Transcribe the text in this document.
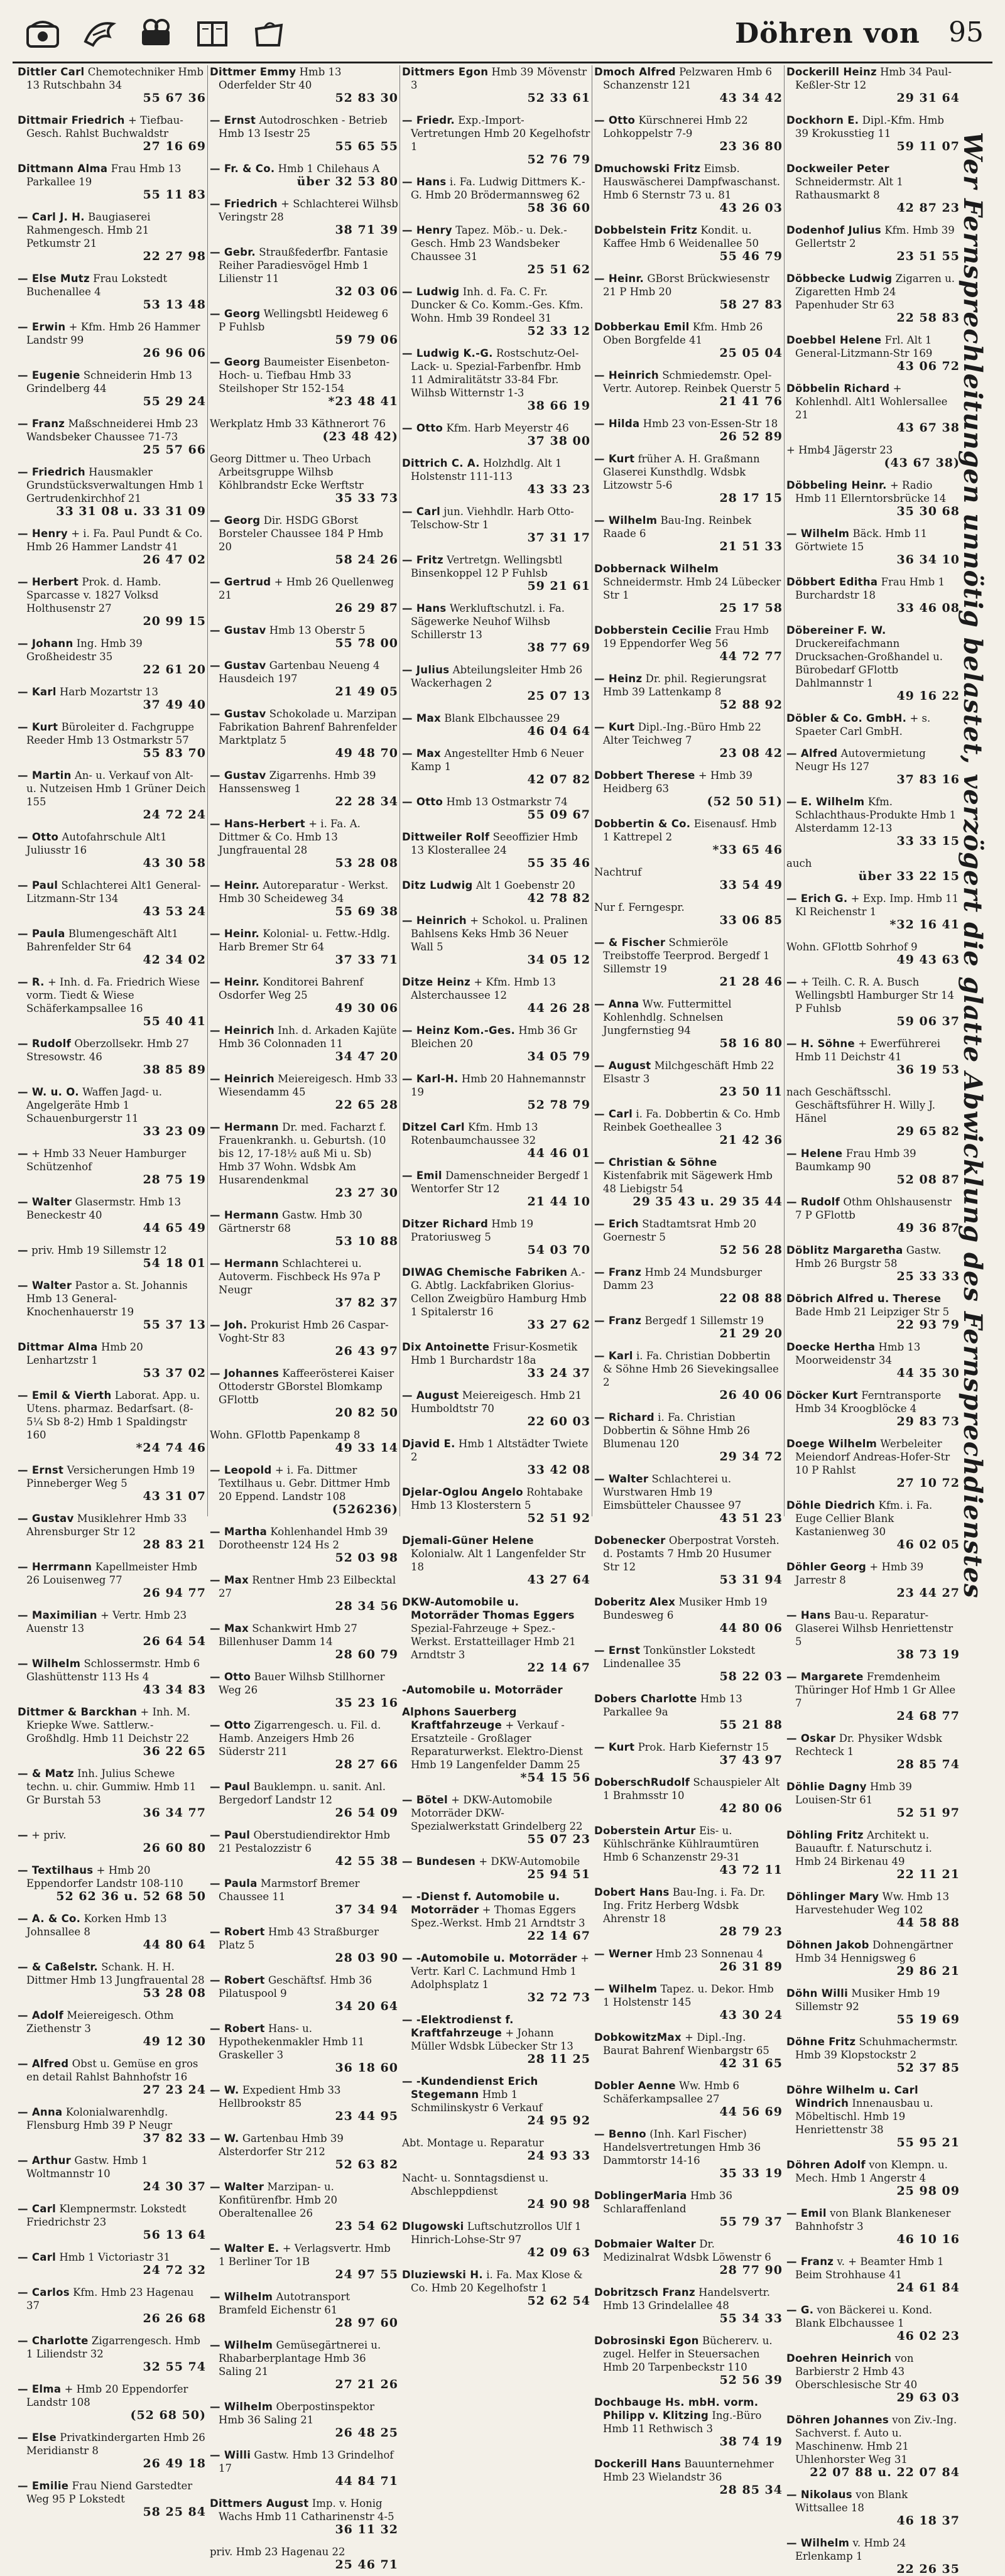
Döhren von 95
Dittler Carl Chemotechniker Hmb 13 Rutschbahn 34
55 67 36
Dittmair Friedrich + Tiefbau-Gesch. Rahlst Buchwaldstr
27 16 69
Dittmann Alma Frau Hmb 13 Parkallee 19
55 11 83
— Carl J. H. Baugiaserei Rahmengesch. Hmb 21 Petkumstr 21
22 27 98
— Else Mutz Frau Lokstedt Buchenallee 4
53 13 48
— Erwin + Kfm. Hmb 26 Hammer Landstr 99
26 96 06
— Eugenie Schneiderin Hmb 13 Grindelberg 44
55 29 24
— Franz Maßschneiderei Hmb 23 Wandsbeker Chaussee 71-73
25 57 66
— Friedrich Hausmakler Grundstücksverwaltungen Hmb 1 Gertrudenkirchhof 21
33 31 08 u. 33 31 09
— Henry + i. Fa. Paul Pundt & Co. Hmb 26 Hammer Landstr 41
26 47 02
— Herbert Prok. d. Hamb. Sparcasse v. 1827 Volksd Holthusenstr 27
20 99 15
— Johann Ing. Hmb 39 Großheidestr 35
22 61 20
— Karl Harb Mozartstr 13
37 49 40
— Kurt Büroleiter d. Fachgruppe Reeder Hmb 13 Ostmarkstr 57
55 83 70
— Martin An- u. Verkauf von Alt- u. Nutzeisen Hmb 1 Grüner Deich 155
24 72 24
— Otto Autofahrschule Alt1 Juliusstr 16
43 30 58
— Paul Schlachterei Alt1 General-Litzmann-Str 134
43 53 24
— Paula Blumengeschäft Alt1 Bahrenfelder Str 64
42 34 02
— R. + Inh. d. Fa. Friedrich Wiese vorm. Tiedt & Wiese Schäferkampsallee 16
55 40 41
— Rudolf Oberzollsekr. Hmb 27 Stresowstr. 46
38 85 89
— W. u. O. Waffen Jagd- u. Angelgeräte Hmb 1 Schauenburgerstr 11
33 23 09
— + Hmb 33 Neuer Hamburger Schützenhof
28 75 19
— Walter Glasermstr. Hmb 13 Beneckestr 40
44 65 49
— priv. Hmb 19 Sillemstr 12
54 18 01
— Walter Pastor a. St. Johannis Hmb 13 General-Knochenhauerstr 19
55 37 13
Dittmar Alma Hmb 20 Lenhartzstr 1
53 37 02
— Emil & Vierth Laborat. App. u. Utens. pharmaz. Bedarfsart. (8-5¼ Sb 8-2) Hmb 1 Spaldingstr 160
*24 74 46
— Ernst Versicherungen Hmb 19 Pinneberger Weg 5
43 31 07
— Gustav Musiklehrer Hmb 33 Ahrensburger Str 12
28 83 21
— Herrmann Kapellmeister Hmb 26 Louisenweg 77
26 94 77
— Maximilian + Vertr. Hmb 23 Auenstr 13
26 64 54
— Wilhelm Schlossermstr. Hmb 6 Glashüttenstr 113 Hs 4
43 34 83
Dittmer & Barckhan + Inh. M. Kriepke Wwe. Sattlerw.-Großhdlg. Hmb 11 Deichstr 22
36 22 65
— & Matz Inh. Julius Schewe techn. u. chir. Gummiw. Hmb 11 Gr Burstah 53
36 34 77
— + priv.
26 60 80
— Textilhaus + Hmb 20 Eppendorfer Landstr 108-110
52 62 36 u. 52 68 50
— A. & Co. Korken Hmb 13 Johnsallee 8
44 80 64
— & Caßelstr. Schank. H. H. Dittmer Hmb 13 Jungfrauental 28
53 28 08
— Adolf Meiereigesch. Othm Ziethenstr 3
49 12 30
— Alfred Obst u. Gemüse en gros en detail Rahlst Bahnhofstr 16
27 23 24
— Anna Kolonialwarenhdlg. Flensburg Hmb 39 P Neugr
37 82 33
— Arthur Gastw. Hmb 1 Woltmannstr 10
24 30 37
— Carl Klempnermstr. Lokstedt Friedrichstr 23
56 13 64
— Carl Hmb 1 Victoriastr 31
24 72 32
— Carlos Kfm. Hmb 23 Hagenau 37
26 26 68
— Charlotte Zigarrengesch. Hmb 1 Liliendstr 32
32 55 74
— Elma + Hmb 20 Eppendorfer Landstr 108
(52 68 50)
— Else Privatkindergarten Hmb 26 Meridianstr 8
26 49 18
— Emilie Frau Niend Garstedter Weg 95 P Lokstedt
58 25 84
Dittmer Emmy Hmb 13 Oderfelder Str 40
52 83 30
— Ernst Autodroschken - Betrieb Hmb 13 Isestr 25
55 65 55
— Fr. & Co. Hmb 1 Chilehaus A
über 32 53 80
— Friedrich + Schlachterei Wilhsb Veringstr 28
38 71 39
— Gebr. Straußfederfbr. Fantasie Reiher Paradiesvögel Hmb 1 Lilienstr 11
32 03 06
— Georg Wellingsbtl Heideweg 6 P Fuhlsb
59 79 06
— Georg Baumeister Eisenbeton-Hoch- u. Tiefbau Hmb 33 Steilshoper Str 152-154
*23 48 41
Werkplatz Hmb 33 Käthnerort 76
(23 48 42)
Georg Dittmer u. Theo Urbach Arbeitsgruppe Wilhsb Köhlbrandstr Ecke Werftstr
35 33 73
— Georg Dir. HSDG GBorst Borsteler Chaussee 184 P Hmb 20
58 24 26
— Gertrud + Hmb 26 Quellenweg 21
26 29 87
— Gustav Hmb 13 Oberstr 5
55 78 00
— Gustav Gartenbau Neueng 4 Hausdeich 197
21 49 05
— Gustav Schokolade u. Marzipan Fabrikation Bahrenf Bahrenfelder Marktplatz 5
49 48 70
— Gustav Zigarrenhs. Hmb 39 Hanssensweg 1
22 28 34
— Hans-Herbert + i. Fa. A. Dittmer & Co. Hmb 13 Jungfrauental 28
53 28 08
— Heinr. Autoreparatur - Werkst. Hmb 30 Scheideweg 34
55 69 38
— Heinr. Kolonial- u. Fettw.-Hdlg. Harb Bremer Str 64
37 33 71
— Heinr. Konditorei Bahrenf Osdorfer Weg 25
49 30 06
— Heinrich Inh. d. Arkaden Kajüte Hmb 36 Colonnaden 11
34 47 20
— Heinrich Meiereigesch. Hmb 33 Wiesendamm 45
22 65 28
— Hermann Dr. med. Facharzt f. Frauenkrankh. u. Geburtsh. (10 bis 12, 17-18½ auß Mi u. Sb) Hmb 37 Wohn. Wdsbk Am Husarendenkmal
23 27 30
— Hermann Gastw. Hmb 30 Gärtnerstr 68
53 10 88
— Hermann Schlachterei u. Autoverm. Fischbeck Hs 97a P Neugr
37 82 37
— Joh. Prokurist Hmb 26 Caspar-Voght-Str 83
26 43 97
— Johannes Kaffeerösterei Kaiser Ottoderstr GBorstel Blomkamp GFlottb
20 82 50
Wohn. GFlottb Papenkamp 8
49 33 14
— Leopold + i. Fa. Dittmer Textilhaus u. Gebr. Dittmer Hmb 20 Eppend. Landstr 108
(526236)
— Martha Kohlenhandel Hmb 39 Dorotheenstr 124 Hs 2
52 03 98
— Max Rentner Hmb 23 Eilbecktal 27
28 34 56
— Max Schankwirt Hmb 27 Billenhuser Damm 14
28 60 79
— Otto Bauer Wilhsb Stillhorner Weg 26
35 23 16
— Otto Zigarrengesch. u. Fil. d. Hamb. Anzeigers Hmb 26 Süderstr 211
28 27 66
— Paul Bauklempn. u. sanit. Anl. Bergedorf Landstr 12
26 54 09
— Paul Oberstudiendirektor Hmb 21 Pestalozzistr 6
42 55 38
— Paula Marmstorf Bremer Chaussee 11
37 34 94
— Robert Hmb 43 Straßburger Platz 5
28 03 90
— Robert Geschäftsf. Hmb 36 Pilatuspool 9
34 20 64
— Robert Hans- u. Hypothekenmakler Hmb 11 Graskeller 3
36 18 60
— W. Expedient Hmb 33 Hellbrookstr 85
23 44 95
— W. Gartenbau Hmb 39 Alsterdorfer Str 212
52 63 82
— Walter Marzipan- u. Konfitürenfbr. Hmb 20 Oberaltenallee 26
23 54 62
— Walter E. + Verlagsvertr. Hmb 1 Berliner Tor 1B
24 97 55
— Wilhelm Autotransport Bramfeld Eichenstr 61
28 97 60
— Wilhelm Gemüsegärtnerei u. Rhabarberplantage Hmb 36 Saling 21
27 21 26
— Wilhelm Oberpostinspektor Hmb 36 Saling 21
26 48 25
— Willi Gastw. Hmb 13 Grindelhof 17
44 84 71
Dittmers August Imp. v. Honig Wachs Hmb 11 Catharinenstr 4-5
36 11 32
priv. Hmb 23 Hagenau 22
25 46 71
Dittmers Egon Hmb 39 Mövenstr 3
52 33 61
— Friedr. Exp.-Import-Vertretungen Hmb 20 Kegelhofstr 1
52 76 79
— Hans i. Fa. Ludwig Dittmers K.-G. Hmb 20 Brödermannsweg 62
58 36 60
— Henry Tapez. Möb.- u. Dek.-Gesch. Hmb 23 Wandsbeker Chaussee 31
25 51 62
— Ludwig Inh. d. Fa. C. Fr. Duncker & Co. Komm.-Ges. Kfm. Wohn. Hmb 39 Rondeel 31
52 33 12
— Ludwig K.-G. Rostschutz-Oel-Lack- u. Spezial-Farbenfbr. Hmb 11 Admiralitätstr 33-84 Fbr. Wilhsb Witternstr 1-3
38 66 19
— Otto Kfm. Harb Meyerstr 46
37 38 00
Dittrich C. A. Holzhdlg. Alt 1 Holstenstr 111-113
43 33 23
— Carl jun. Viehhdlr. Harb Otto-Telschow-Str 1
37 31 17
— Fritz Vertretgn. Wellingsbtl Binsenkoppel 12 P Fuhlsb
59 21 61
— Hans Werkluftschutzl. i. Fa. Sägewerke Neuhof Wilhsb Schillerstr 13
38 77 69
— Julius Abteilungsleiter Hmb 26 Wackerhagen 2
25 07 13
— Max Blank Elbchaussee 29
46 04 64
— Max Angestellter Hmb 6 Neuer Kamp 1
42 07 82
— Otto Hmb 13 Ostmarkstr 74
55 09 67
Dittweiler Rolf Seeoffizier Hmb 13 Klosterallee 24
55 35 46
Ditz Ludwig Alt 1 Goebenstr 20
42 78 82
— Heinrich + Schokol. u. Pralinen Bahlsens Keks Hmb 36 Neuer Wall 5
34 05 12
Ditze Heinz + Kfm. Hmb 13 Alsterchaussee 12
44 26 28
— Heinz Kom.-Ges. Hmb 36 Gr Bleichen 20
34 05 79
— Karl-H. Hmb 20 Hahnemannstr 19
52 78 79
Ditzel Carl Kfm. Hmb 13 Rotenbaumchaussee 32
44 46 01
— Emil Damenschneider Bergedf 1 Wentorfer Str 12
21 44 10
Ditzer Richard Hmb 19 Pratoriusweg 5
54 03 70
DIWAG Chemische Fabriken A.-G. Abtlg. Lackfabriken Glorius-Cellon Zweigbüro Hamburg Hmb 1 Spitalerstr 16
33 27 62
Dix Antoinette Frisur-Kosmetik Hmb 1 Burchardstr 18a
33 24 37
— August Meiereigesch. Hmb 21 Humboldtstr 70
22 60 03
Djavid E. Hmb 1 Altstädter Twiete 2
33 42 08
Djelar-Oglou Angelo Rohtabake Hmb 13 Klosterstern 5
52 51 92
Djemali-Güner Helene Kolonialw. Alt 1 Langenfelder Str 18
43 27 64
DKW-Automobile u. Motorräder Thomas Eggers Spezial-Fahrzeuge + Spez.-Werkst. Erstatteillager Hmb 21 Arndtstr 3
22 14 67
-Automobile u. Motorräder
Alphons Sauerberg Kraftfahrzeuge + Verkauf - Ersatzteile - Großlager Reparaturwerkst. Elektro-Dienst Hmb 19 Langenfelder Damm 25
*54 15 56
— Bötel + DKW-Automobile Motorräder DKW-Spezialwerkstatt Grindelberg 22
55 07 23
— Bundesen + DKW-Automobile
25 94 51
— -Dienst f. Automobile u. Motorräder + Thomas Eggers Spez.-Werkst. Hmb 21 Arndtstr 3
22 14 67
— -Automobile u. Motorräder + Vertr. Karl C. Lachmund Hmb 1 Adolphsplatz 1
32 72 73
— -Elektrodienst f. Kraftfahrzeuge + Johann Müller Wdsbk Lübecker Str 13
28 11 25
— -Kundendienst Erich Stegemann Hmb 1 Schmilinskystr 6 Verkauf
24 95 92
Abt. Montage u. Reparatur
24 93 33
Nacht- u. Sonntagsdienst u. Abschleppdienst
24 90 98
Dlugowski Luftschutzrollos Ulf 1 Hinrich-Lohse-Str 97
42 09 63
Dluziewski H. i. Fa. Max Klose & Co. Hmb 20 Kegelhofstr 1
52 62 54
Dmoch Alfred Pelzwaren Hmb 6 Schanzenstr 121
43 34 42
— Otto Kürschnerei Hmb 22 Lohkoppelstr 7-9
23 36 80
Dmuchowski Fritz Eimsb. Hauswäscherei Dampfwaschanst. Hmb 6 Sternstr 73 u. 81
43 26 03
Dobbelstein Fritz Kondit. u. Kaffee Hmb 6 Weidenallee 50
55 46 79
— Heinr. GBorst Brückwiesenstr 21 P Hmb 20
58 27 83
Dobberkau Emil Kfm. Hmb 26 Oben Borgfelde 41
25 05 04
— Heinrich Schmiedemstr. Opel-Vertr. Autorep. Reinbek Querstr 5
21 41 76
— Hilda Hmb 23 von-Essen-Str 18
26 52 89
— Kurt früher A. H. Graßmann Glaserei Kunsthdlg. Wdsbk Litzowstr 5-6
28 17 15
— Wilhelm Bau-Ing. Reinbek Raade 6
21 51 33
Dobbernack Wilhelm Schneidermstr. Hmb 24 Lübecker Str 1
25 17 58
Dobberstein Cecilie Frau Hmb 19 Eppendorfer Weg 56
44 72 77
— Heinz Dr. phil. Regierungsrat Hmb 39 Lattenkamp 8
52 88 92
— Kurt Dipl.-Ing.-Büro Hmb 22 Alter Teichweg 7
23 08 42
Dobbert Therese + Hmb 39 Heidberg 63
(52 50 51)
Dobbertin & Co. Eisenausf. Hmb 1 Kattrepel 2
*33 65 46
Nachtruf
33 54 49
Nur f. Ferngespr.
33 06 85
— & Fischer Schmieröle Treibstoffe Teerprod. Bergedf 1 Sillemstr 19
21 28 46
— Anna Ww. Futtermittel Kohlenhdlg. Schnelsen Jungfernstieg 94
58 16 80
— August Milchgeschäft Hmb 22 Elsastr 3
23 50 11
— Carl i. Fa. Dobbertin & Co. Hmb Reinbek Goetheallee 3
21 42 36
— Christian & Söhne Kistenfabrik mit Sägewerk Hmb 48 Liebigstr 54
29 35 43 u. 29 35 44
— Erich Stadtamtsrat Hmb 20 Goernestr 5
52 56 28
— Franz Hmb 24 Mundsburger Damm 23
22 08 88
— Franz Bergedf 1 Sillemstr 19
21 29 20
— Karl i. Fa. Christian Dobbertin & Söhne Hmb 26 Sievekingsallee 2
26 40 06
— Richard i. Fa. Christian Dobbertin & Söhne Hmb 26 Blumenau 120
29 34 72
— Walter Schlachterei u. Wurstwaren Hmb 19 Eimsbütteler Chaussee 97
43 51 23
Dobenecker Oberpostrat Vorsteh. d. Postamts 7 Hmb 20 Husumer Str 12
53 31 94
Doberitz Alex Musiker Hmb 19 Bundesweg 6
44 80 06
— Ernst Tonkünstler Lokstedt Lindenallee 35
58 22 03
Dobers Charlotte Hmb 13 Parkallee 9a
55 21 88
— Kurt Prok. Harb Kiefernstr 15
37 43 97
DoberschRudolf Schauspieler Alt 1 Brahmsstr 10
42 80 06
Doberstein Artur Eis- u. Kühlschränke Kühlraumtüren Hmb 6 Schanzenstr 29-31
43 72 11
Dobert Hans Bau-Ing. i. Fa. Dr. Ing. Fritz Herberg Wdsbk Ahrenstr 18
28 79 23
— Werner Hmb 23 Sonnenau 4
26 31 89
— Wilhelm Tapez. u. Dekor. Hmb 1 Holstenstr 145
43 30 24
DobkowitzMax + Dipl.-Ing. Baurat Bahrenf Wienbargstr 65
42 31 65
Dobler Aenne Ww. Hmb 6 Schäferkampsallee 27
44 56 69
— Benno (Inh. Karl Fischer) Handelsvertretungen Hmb 36 Dammtorstr 14-16
35 33 19
DoblingerMaria Hmb 36 Schlaraffenland
55 79 37
Dobmaier Walter Dr. Medizinalrat Wdsbk Löwenstr 6
28 77 90
Dobritzsch Franz Handelsvertr. Hmb 13 Grindelallee 48
55 34 33
Dobrosinski Egon Büchererv. u. zugel. Helfer in Steuersachen Hmb 20 Tarpenbeckstr 110
52 56 39
Dochbauge Hs. mbH. vorm. Philipp v. Klitzing Ing.-Büro Hmb 11 Rethwisch 3
38 74 19
Dockerill Hans Bauunternehmer Hmb 23 Wielandstr 36
28 85 34
Dockerill Heinz Hmb 34 Paul-Keßler-Str 12
29 31 64
Dockhorn E. Dipl.-Kfm. Hmb 39 Krokusstieg 11
59 11 07
Dockweiler Peter Schneidermstr. Alt 1 Rathausmarkt 8
42 87 23
Dodenhof Julius Kfm. Hmb 39 Gellertstr 2
23 51 55
Döbbecke Ludwig Zigarren u. Zigaretten Hmb 24 Papenhuder Str 63
22 58 83
Doebbel Helene Frl. Alt 1 General-Litzmann-Str 169
43 06 72
Döbbelin Richard + Kohlenhdl. Alt1 Wohlersallee 21
43 67 38
+ Hmb4 Jägerstr 23
(43 67 38)
Döbbeling Heinr. + Radio Hmb 11 Ellerntorsbrücke 14
35 30 68
— Wilhelm Bäck. Hmb 11 Görtwiete 15
36 34 10
Döbbert Editha Frau Hmb 1 Burchardstr 18
33 46 08
Döbereiner F. W. Druckereifachmann Drucksachen-Großhandel u. Bürobedarf GFlottb Dahlmannstr 1
49 16 22
Döbler & Co. GmbH. + s. Spaeter Carl GmbH.
— Alfred Autovermietung Neugr Hs 127
37 83 16
— E. Wilhelm Kfm. Schlachthaus-Produkte Hmb 1 Alsterdamm 12-13
33 33 15
auch
über 33 22 15
— Erich G. + Exp. Imp. Hmb 11 Kl Reichenstr 1
*32 16 41
Wohn. GFlottb Sohrhof 9
49 43 63
— + Teilh. C. R. A. Busch Wellingsbtl Hamburger Str 14 P Fuhlsb
59 06 37
— H. Söhne + Ewerführerei Hmb 11 Deichstr 41
36 19 53
nach Geschäftsschl. Geschäftsführer H. Willy J. Hänel
29 65 82
— Helene Frau Hmb 39 Baumkamp 90
52 08 87
— Rudolf Othm Ohlshausenstr 7 P GFlottb
49 36 87
Döblitz Margaretha Gastw. Hmb 26 Burgstr 58
25 33 33
Döbrich Alfred u. Therese Bade Hmb 21 Leipziger Str 5
22 93 79
Doecke Hertha Hmb 13 Moorweidenstr 34
44 35 30
Döcker Kurt Ferntransporte Hmb 34 Kroogblöcke 4
29 83 73
Doege Wilhelm Werbeleiter Meiendorf Andreas-Hofer-Str 10 P Rahlst
27 10 72
Döhle Diedrich Kfm. i. Fa. Euge Cellier Blank Kastanienweg 30
46 02 05
Döhler Georg + Hmb 39 Jarrestr 8
23 44 27
— Hans Bau-u. Reparatur-Glaserei Wilhsb Henriettenstr 5
38 73 19
— Margarete Fremdenheim Thüringer Hof Hmb 1 Gr Allee 7
24 68 77
— Oskar Dr. Physiker Wdsbk Rechteck 1
28 85 74
Döhlie Dagny Hmb 39 Louisen-Str 61
52 51 97
Döhling Fritz Architekt u. Bauauftr. f. Naturschutz i. Hmb 24 Birkenau 49
22 11 21
Döhlinger Mary Ww. Hmb 13 Harvestehuder Weg 102
44 58 88
Döhnen Jakob Dohnengärtner Hmb 34 Hennigsweg 6
29 86 21
Döhn Willi Musiker Hmb 19 Sillemstr 92
55 19 69
Döhne Fritz Schuhmachermstr. Hmb 39 Klopstockstr 2
52 37 85
Döhre Wilhelm u. Carl Windrich Innenausbau u. Möbeltischl. Hmb 19 Henriettenstr 38
55 95 21
Döhren Adolf von Klempn. u. Mech. Hmb 1 Angerstr 4
25 98 09
— Emil von Blank Blankeneser Bahnhofstr 3
46 10 16
— Franz v. + Beamter Hmb 1 Beim Strohhause 41
24 61 84
— G. von Bäckerei u. Kond. Blank Elbchaussee 1
46 02 23
Doehren Heinrich von Barbierstr 2 Hmb 43 Oberschlesische Str 40
29 63 03
Döhren Johannes von Ziv.-Ing. Sachverst. f. Auto u. Maschinenw. Hmb 21 Uhlenhorster Weg 31
22 07 88 u. 22 07 84
— Nikolaus von Blank Wittsallee 18
46 18 37
— Wilhelm v. Hmb 24 Erlenkamp 1
22 26 35
Wer Fernsprechleitungen unnötig belastet, verzögert die glatte Abwicklung des Fernsprechdienstes
